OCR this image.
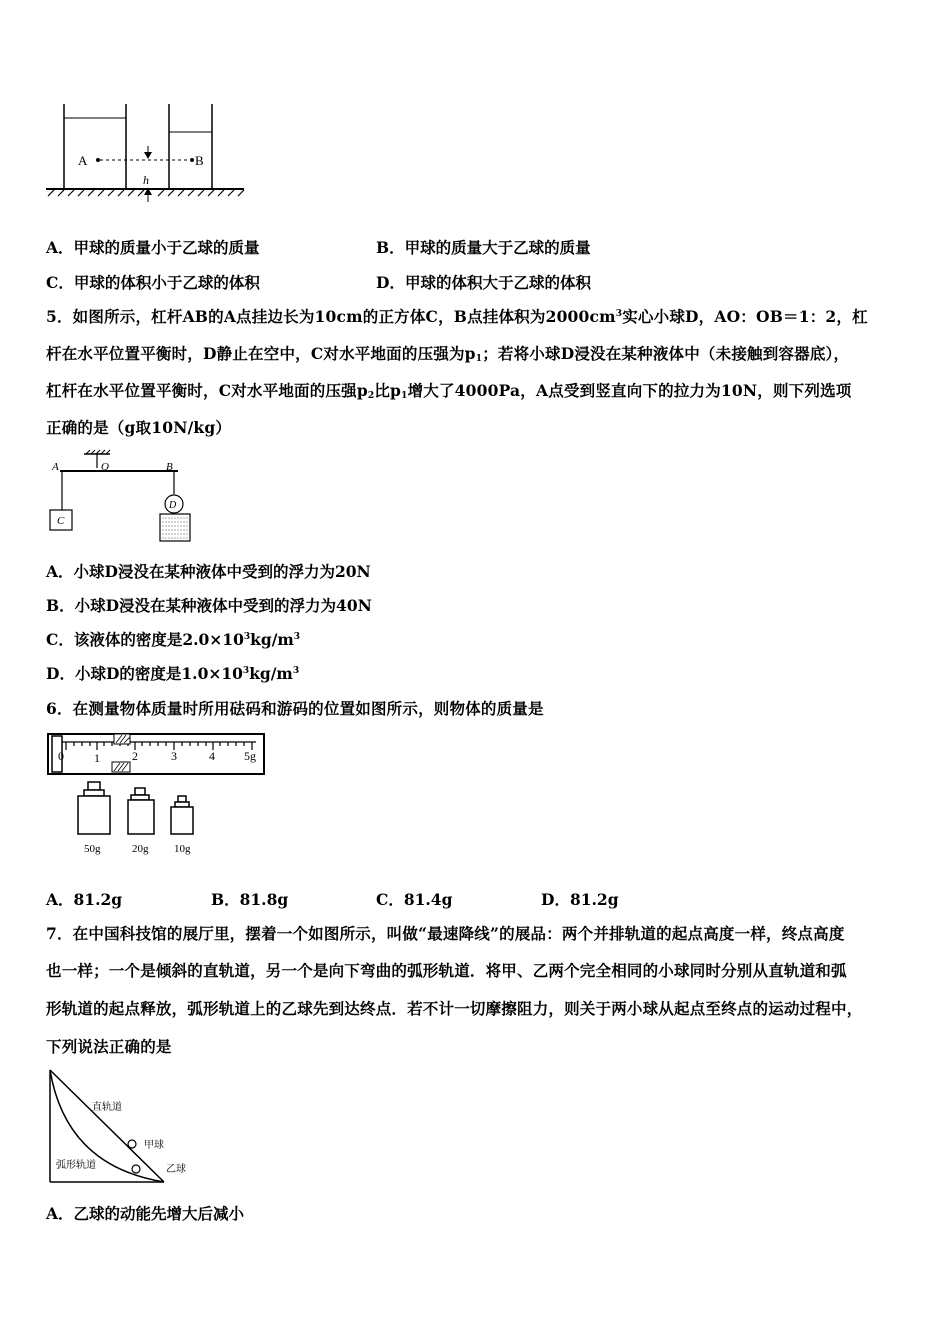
A	B
h
A．甲球的质量小于乙球的质量	B．甲球的质量大于乙球的质量
C．甲球的体积小于乙球的体积	D．甲球的体积大于乙球的体积
5．如图所示，杠杆AB的A点挂边长为10cm的正方体C，B点挂体积为$2000cm^3$实心小球D，AO：OB＝1：2，杠
杆在水平位置平衡时，D静止在空中，C对水平地面的压强为$p_1$；若将小球D浸没在某种液体中（未接触到容器底），
杠杆在水平位置平衡时，C对水平地面的压强$p_2$比$p_1$增大了4000Pa，A点受到竖直向下的拉力为10N，则下列选项
正确的是（g取10N/kg）
A	O	B
C
D
A．小球D浸没在某种液体中受到的浮力为20N
B．小球D浸没在某种液体中受到的浮力为40N
C．该液体的密度是$2.0\times 10^3kg/m^3$
D．小球D的密度是$1.0\times 10^3kg/m^3$
6．在测量物体质量时所用砝码和游码的位置如图所示，则物体的质量是
0	1	2	3	4 5g
50g	20g 10g
A．81.2g	B．81.8g	C．81.4g	D．81.2g
7．在中国科技馆的展厅里，摆着一个如图所示，叫做“最速降线”的展品：两个并排轨道的起点高度一样，终点高度
也一样；一个是倾斜的直轨道，另一个是向下弯曲的弧形轨道．将甲、乙两个完全相同的小球同时分别从直轨道和弧
形轨道的起点释放，弧形轨道上的乙球先到达终点．若不计一切摩擦阻力，则关于两小球从起点至终点的运动过程中，
下列说法正确的是
直轨道
甲球
弧形轨道	乙球
A．乙球的动能先增大后减小
